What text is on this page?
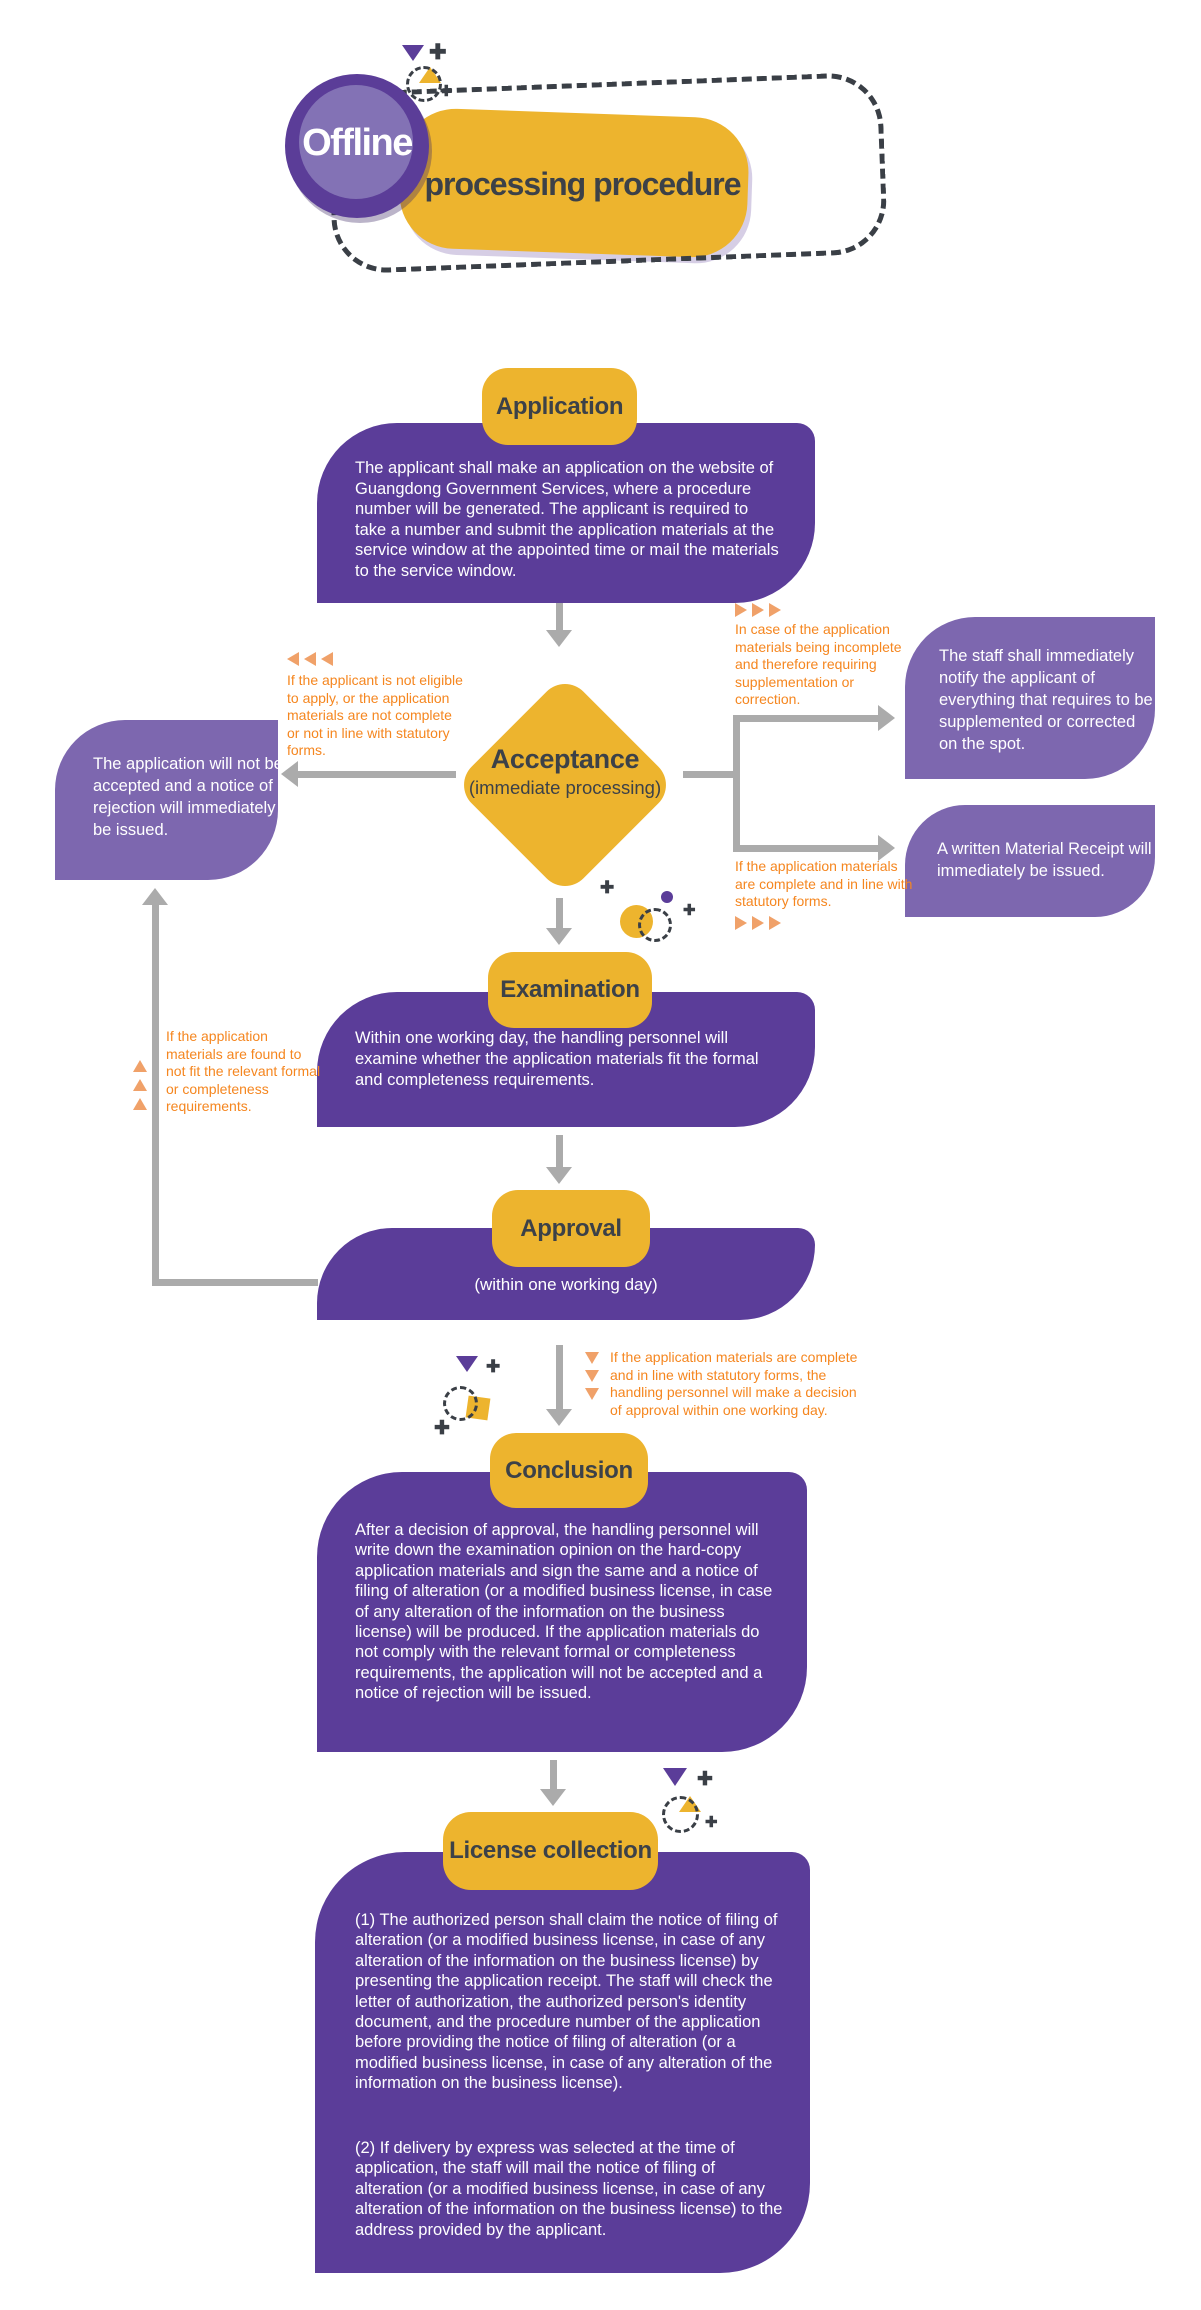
✚
✚
processing procedure
Offline
Application
The applicant shall make an application on the website of Guangdong Government Services, where a procedure number will be generated. The applicant is required to take a number and submit the application materials at the service window at the appointed time or mail the materials to the service window.
Acceptance
(immediate processing)
If the applicant is not eligible to apply, or the application materials are not complete or not in line with statutory forms.
The application will not be accepted and a notice of rejection will immediately be issued.
In case of the application materials being incomplete and therefore requiring supplementation or correction.
If the application materials are complete and in line with statutory forms.
The staff shall immediately notify the applicant of everything that requires to be supplemented or corrected on the spot.
A written Material Receipt will immediately be issued.
✚
✚
Examination
Within one working day, the handling personnel will examine whether the application materials fit the formal and completeness requirements.
If the application materials are found to not fit the relevant formal or completeness requirements.
Approval
(within one working day)
✚
✚
If the application materials are complete and in line with statutory forms, the handling personnel will make a decision of approval within one working day.
Conclusion
After a decision of approval, the handling personnel will write down the examination opinion on the hard-copy application materials and sign the same and a notice of filing of alteration (or a modified business license, in case of any alteration of the information on the business license) will be produced. If the application materials do not comply with the relevant formal or completeness requirements, the application will not be accepted and a notice of rejection will be issued.
✚
✚
License collection
(1) The authorized person shall claim the notice of filing of alteration (or a modified business license, in case of any alteration of the information on the business license) by presenting the application receipt. The staff will check the letter of authorization, the authorized person's identity document, and the procedure number of the application before providing the notice of filing of alteration (or a modified business license, in case of any alteration of the information on the business license).
(2) If delivery by express was selected at the time of application, the staff will mail the notice of filing of alteration (or a modified business license, in case of any alteration of the information on the business license) to the address provided by the applicant.
